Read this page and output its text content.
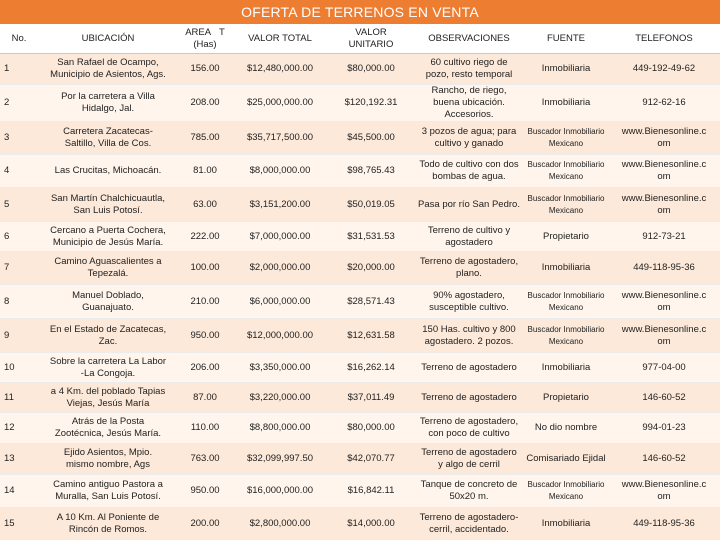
OFERTA DE TERRENOS EN VENTA
No.	UBICACIÓN	AREA T
(Has)	VALOR TOTAL	VALOR
UNITARIO	OBSERVACIONES	FUENTE	TELEFONOS

1	San Rafael de Ocampo,
Municipio de Asientos, Ags.	156.00	$12,480,000.00	$80,000.00	60 cultivo riego de
pozo, resto temporal	Inmobiliaria	449-192-49-62

2	Por la carretera a Villa
Hidalgo, Jal.	208.00	$25,000,000.00	$120,192.31	Rancho, de riego,
buena ubicación.
Accesorios.	Inmobiliaria	912-62-16

3	Carretera Zacatecas-
Saltillo, Villa de Cos.	785.00	$35,717,500.00	$45,500.00	3 pozos de agua; para
cultivo y ganado	Buscador Inmobiliario
Mexicano	www.Bienesonline.c
om

4	Las Crucitas, Michoacán.	81.00	$8,000,000.00	$98,765.43	Todo de cultivo con dos
bombas de agua.	Buscador Inmobiliario
Mexicano	www.Bienesonline.c
om

5	San Martín Chalchicuautla,
San Luis Potosí.	63.00	$3,151,200.00	$50,019.05	Pasa por río San Pedro.	Buscador Inmobiliario
Mexicano	www.Bienesonline.c
om

6	Cercano a Puerta Cochera,
Municipio de Jesús María.	222.00	$7,000,000.00	$31,531.53	Terreno de cultivo y
agostadero	Propietario	912-73-21

7	Camino Aguascalientes a
Tepezalá.	100.00	$2,000,000.00	$20,000.00	Terreno de agostadero,
plano.	Inmobiliaria	449-118-95-36

8	Manuel Doblado,
Guanajuato.	210.00	$6,000,000.00	$28,571.43	90% agostadero,
susceptible cultivo.	Buscador Inmobiliario
Mexicano	www.Bienesonline.c
om

9	En el Estado de Zacatecas,
Zac.	950.00	$12,000,000.00	$12,631.58	150 Has. cultivo y 800
agostadero. 2 pozos.	Buscador Inmobiliario
Mexicano	www.Bienesonline.c
om

10	Sobre la carretera La Labor
-La Congoja.	206.00	$3,350,000.00	$16,262.14	Terreno de agostadero	Inmobiliaria	977-04-00

11	a 4 Km. del poblado Tapias
Viejas, Jesús María	87.00	$3,220,000.00	$37,011.49	Terreno de agostadero	Propietario	146-60-52

12	Atrás de la Posta
Zootécnica, Jesús María.	110.00	$8,800,000.00	$80,000.00	Terreno de agostadero,
con poco de cultivo	No dio nombre	994-01-23

13	Ejido Asientos, Mpio.
mismo nombre, Ags	763.00	$32,099,997.50	$42,070.77	Terreno de agostadero
y algo de cerril	Comisariado Ejidal	146-60-52

14	Camino antiguo Pastora a
Muralla, San Luis Potosí.	950.00	$16,000,000.00	$16,842.11	Tanque de concreto de
50x20 m.	Buscador Inmobiliario
Mexicano	www.Bienesonline.c
om

15	A 10 Km. Al Poniente de
Rincón de Romos.	200.00	$2,800,000.00	$14,000.00	Terreno de agostadero-
cerril, accidentado.	Inmobiliaria	449-118-95-36
